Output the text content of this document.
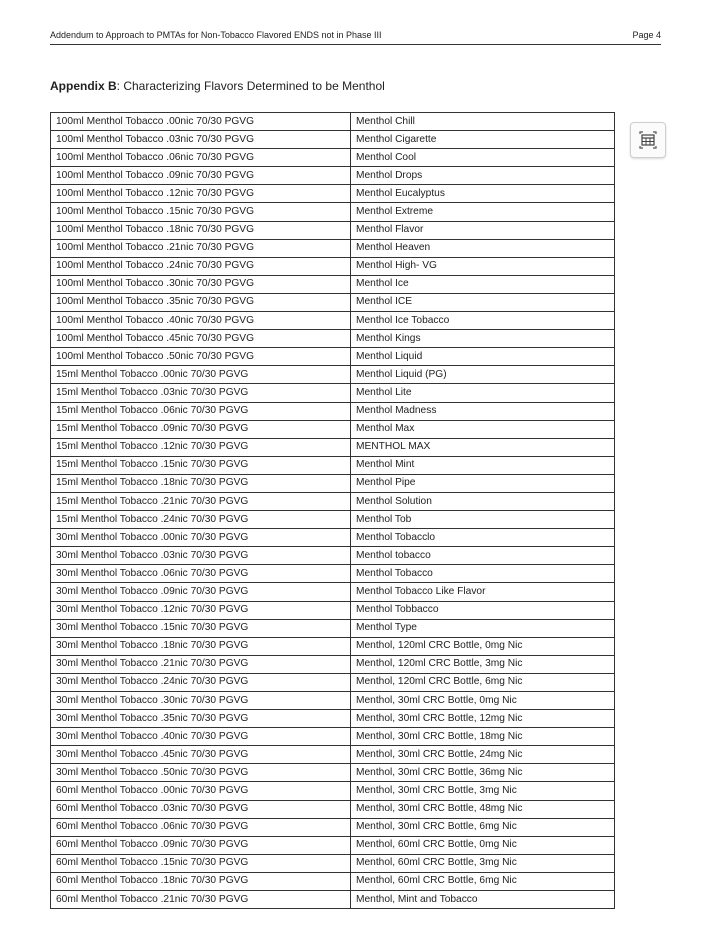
Addendum to Approach to PMTAs for Non-Tobacco Flavored ENDS not in Phase III	Page 4
Appendix B: Characterizing Flavors Determined to be Menthol
100ml Menthol Tobacco .00nic 70/30 PGVG	Menthol Chill
100ml Menthol Tobacco .03nic 70/30 PGVG	Menthol Cigarette
100ml Menthol Tobacco .06nic 70/30 PGVG	Menthol Cool
100ml Menthol Tobacco .09nic 70/30 PGVG	Menthol Drops
100ml Menthol Tobacco .12nic 70/30 PGVG	Menthol Eucalyptus
100ml Menthol Tobacco .15nic 70/30 PGVG	Menthol Extreme
100ml Menthol Tobacco .18nic 70/30 PGVG	Menthol Flavor
100ml Menthol Tobacco .21nic 70/30 PGVG	Menthol Heaven
100ml Menthol Tobacco .24nic 70/30 PGVG	Menthol High- VG
100ml Menthol Tobacco .30nic 70/30 PGVG	Menthol Ice
100ml Menthol Tobacco .35nic 70/30 PGVG	Menthol ICE
100ml Menthol Tobacco .40nic 70/30 PGVG	Menthol Ice Tobacco
100ml Menthol Tobacco .45nic 70/30 PGVG	Menthol Kings
100ml Menthol Tobacco .50nic 70/30 PGVG	Menthol Liquid
15ml Menthol Tobacco .00nic 70/30 PGVG	Menthol Liquid (PG)
15ml Menthol Tobacco .03nic 70/30 PGVG	Menthol Lite
15ml Menthol Tobacco .06nic 70/30 PGVG	Menthol Madness
15ml Menthol Tobacco .09nic 70/30 PGVG	Menthol Max
15ml Menthol Tobacco .12nic 70/30 PGVG	MENTHOL MAX
15ml Menthol Tobacco .15nic 70/30 PGVG	Menthol Mint
15ml Menthol Tobacco .18nic 70/30 PGVG	Menthol Pipe
15ml Menthol Tobacco .21nic 70/30 PGVG	Menthol Solution
15ml Menthol Tobacco .24nic 70/30 PGVG	Menthol Tob
30ml Menthol Tobacco .00nic 70/30 PGVG	Menthol Tobacclo
30ml Menthol Tobacco .03nic 70/30 PGVG	Menthol tobacco
30ml Menthol Tobacco .06nic 70/30 PGVG	Menthol Tobacco
30ml Menthol Tobacco .09nic 70/30 PGVG	Menthol Tobacco Like Flavor
30ml Menthol Tobacco .12nic 70/30 PGVG	Menthol Tobbacco
30ml Menthol Tobacco .15nic 70/30 PGVG	Menthol Type
30ml Menthol Tobacco .18nic 70/30 PGVG	Menthol, 120ml CRC Bottle, 0mg Nic
30ml Menthol Tobacco .21nic 70/30 PGVG	Menthol, 120ml CRC Bottle, 3mg Nic
30ml Menthol Tobacco .24nic 70/30 PGVG	Menthol, 120ml CRC Bottle, 6mg Nic
30ml Menthol Tobacco .30nic 70/30 PGVG	Menthol, 30ml CRC Bottle, 0mg Nic
30ml Menthol Tobacco .35nic 70/30 PGVG	Menthol, 30ml CRC Bottle, 12mg Nic
30ml Menthol Tobacco .40nic 70/30 PGVG	Menthol, 30ml CRC Bottle, 18mg Nic
30ml Menthol Tobacco .45nic 70/30 PGVG	Menthol, 30ml CRC Bottle, 24mg Nic
30ml Menthol Tobacco .50nic 70/30 PGVG	Menthol, 30ml CRC Bottle, 36mg Nic
60ml Menthol Tobacco .00nic 70/30 PGVG	Menthol, 30ml CRC Bottle, 3mg Nic
60ml Menthol Tobacco .03nic 70/30 PGVG	Menthol, 30ml CRC Bottle, 48mg Nic
60ml Menthol Tobacco .06nic 70/30 PGVG	Menthol, 30ml CRC Bottle, 6mg Nic
60ml Menthol Tobacco .09nic 70/30 PGVG	Menthol, 60ml CRC Bottle, 0mg Nic
60ml Menthol Tobacco .15nic 70/30 PGVG	Menthol, 60ml CRC Bottle, 3mg Nic
60ml Menthol Tobacco .18nic 70/30 PGVG	Menthol, 60ml CRC Bottle, 6mg Nic
60ml Menthol Tobacco .21nic 70/30 PGVG	Menthol, Mint and Tobacco
